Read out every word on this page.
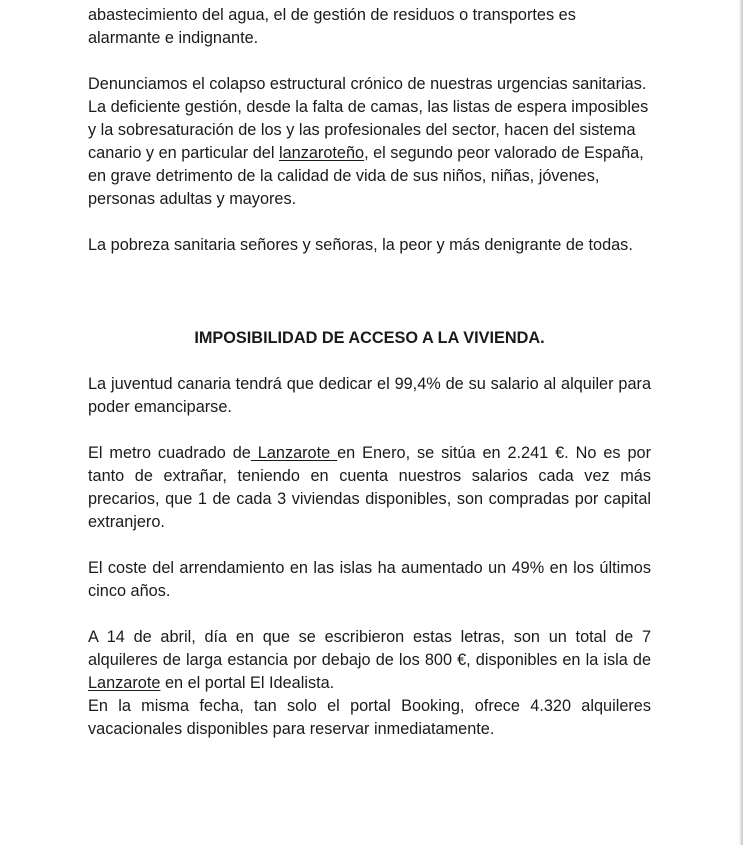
abastecimiento del agua, el de gestión de residuos o transportes es alarmante e indignante.

Denunciamos el colapso estructural crónico de nuestras urgencias sanitarias.

La deficiente gestión, desde la falta de camas, las listas de espera imposibles y la sobresaturación de los y las profesionales del sector, hacen del sistema canario y en particular del lanzaroteño, el segundo peor valorado de España, en grave detrimento de la calidad de vida de sus niños, niñas, jóvenes, personas adultas y mayores.

La pobreza sanitaria señores y señoras, la peor y más denigrante de todas.

IMPOSIBILIDAD DE ACCESO A LA VIVIENDA.

La juventud canaria tendrá que dedicar el 99,4% de su salario al alquiler para poder emanciparse.

El metro cuadrado de Lanzarote en Enero, se sitúa en 2.241 €. No es por tanto de extrañar, teniendo en cuenta nuestros salarios cada vez más precarios, que 1 de cada 3 viviendas disponibles, son compradas por capital extranjero.

El coste del arrendamiento en las islas ha aumentado un 49% en los últimos cinco años.

A 14 de abril, día en que se escribieron estas letras, son un total de 7 alquileres de larga estancia por debajo de los 800 €, disponibles en la isla de Lanzarote en el portal El Idealista.

En la misma fecha, tan solo el portal Booking, ofrece 4.320 alquileres vacacionales disponibles para reservar inmediatamente.
